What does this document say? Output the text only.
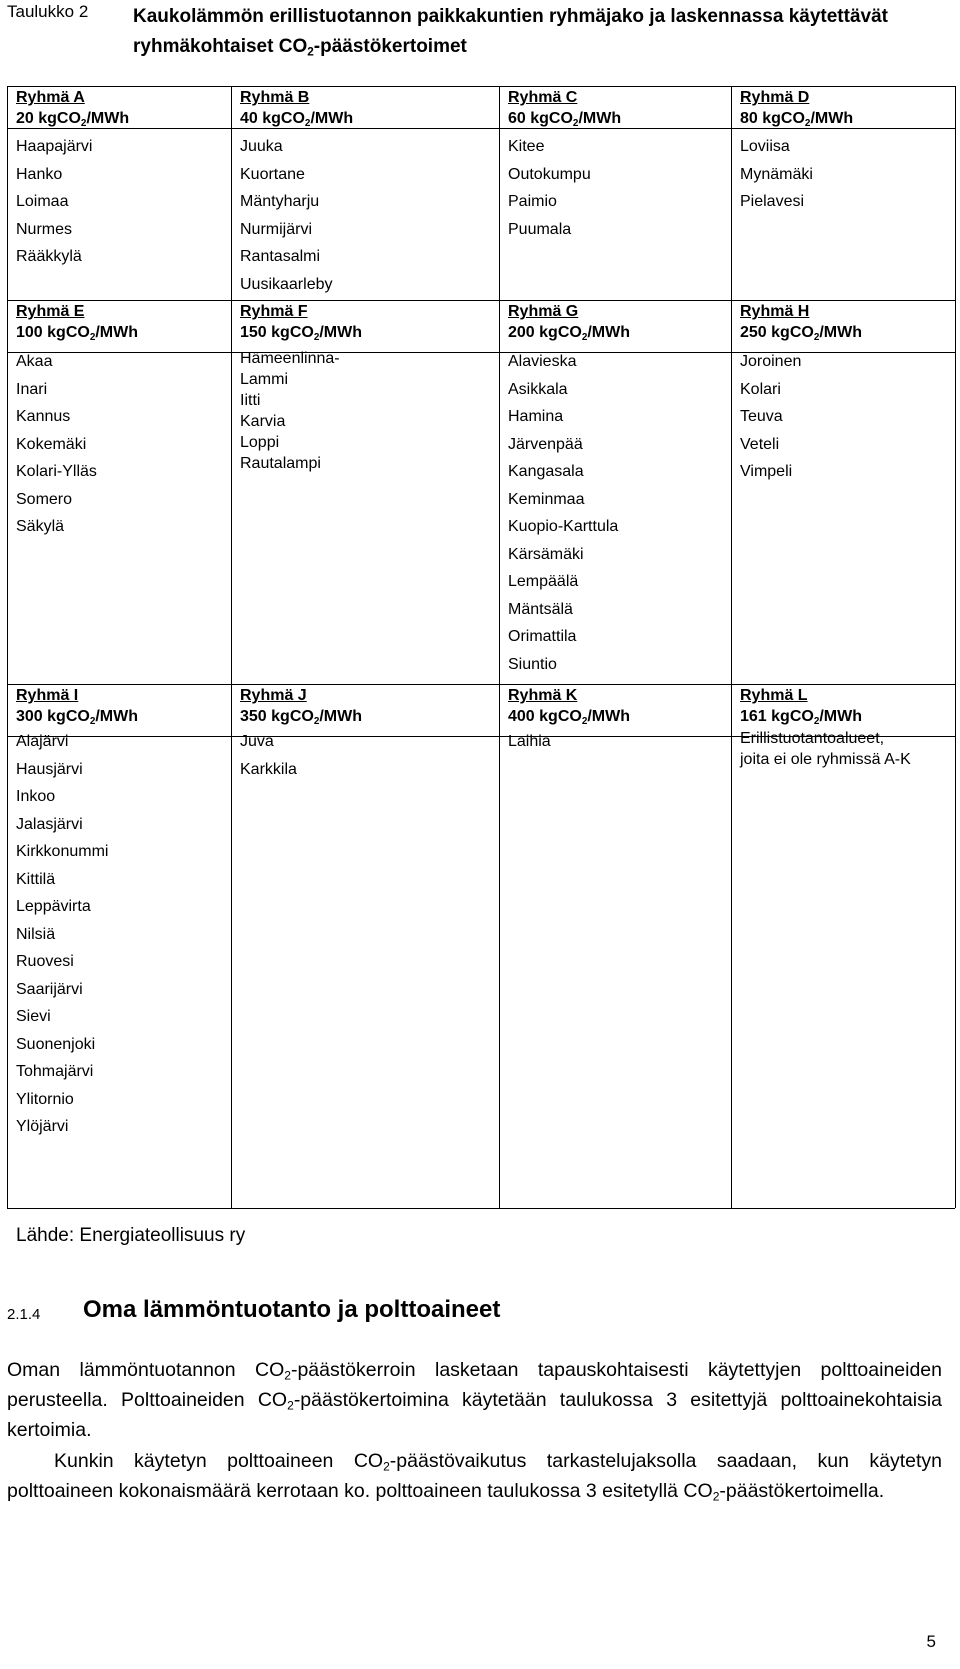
Taulukko 2 Kaukolämmön erillistuotannon paikkakuntien ryhmäjako ja laskennassa käytettävät ryhmäkohtaiset $CO_2$-päästökertoimet
Ryhmä A
20 kgCO$_2$/MWh
Haapajärvi
Hanko
Loimaa
Nurmes
Rääkkylä
Ryhmä B
40 kgCO$_2$/MWh
Juuka
Kuortane
Mäntyharju
Nurmijärvi
Rantasalmi
Uusikaarleby
Ryhmä C
60 kgCO$_2$/MWh
Kitee
Outokumpu
Paimio
Puumala
Ryhmä D
80 kgCO$_2$/MWh
Loviisa
Mynämäki
Pielavesi
Ryhmä E
100 kgCO$_2$/MWh
Akaa
Inari
Kannus
Kokemäki
Kolari-Ylläs
Somero
Säkylä
Ryhmä F
150 kgCO$_2$/MWh
Hämeenlinna-
Lammi
Iitti
Karvia
Loppi
Rautalampi
Ryhmä G
200 kgCO$_2$/MWh
Alavieska
Asikkala
Hamina
Järvenpää
Kangasala
Keminmaa
Kuopio-Karttula
Kärsämäki
Lempäälä
Mäntsälä
Orimattila
Siuntio
Ryhmä H
250 kgCO$_2$/MWh
Joroinen
Kolari
Teuva
Veteli
Vimpeli
Ryhmä I
300 kgCO$_2$/MWh
Alajärvi
Hausjärvi
Inkoo
Jalasjärvi
Kirkkonummi
Kittilä
Leppävirta
Nilsiä
Ruovesi
Saarijärvi
Sievi
Suonenjoki
Tohmajärvi
Ylitornio
Ylöjärvi
Ryhmä J
350 kgCO$_2$/MWh
Juva
Karkkila
Ryhmä K
400 kgCO$_2$/MWh
Laihia
Ryhmä L
161 kgCO$_2$/MWh
Erillistuotantoalueet,
joita ei ole ryhmissä A-K
Lähde: Energiateollisuus ry
2.1.4 Oma lämmöntuotanto ja polttoaineet
Oman lämmöntuotannon $CO_2$-päästökerroin lasketaan tapauskohtaisesti käytettyjen polttoaineiden perusteella. Polttoaineiden $CO_2$-päästökertoimina käytetään taulukossa 3 esitettyjä polttoainekohtaisia kertoimia.
Kunkin käytetyn polttoaineen $CO_2$-päästövaikutus tarkastelujaksolla saadaan, kun käytetyn polttoaineen kokonaismäärä kerrotaan ko. polttoaineen taulukossa 3 esitetyllä $CO_2$-päästökertoimella.
5
